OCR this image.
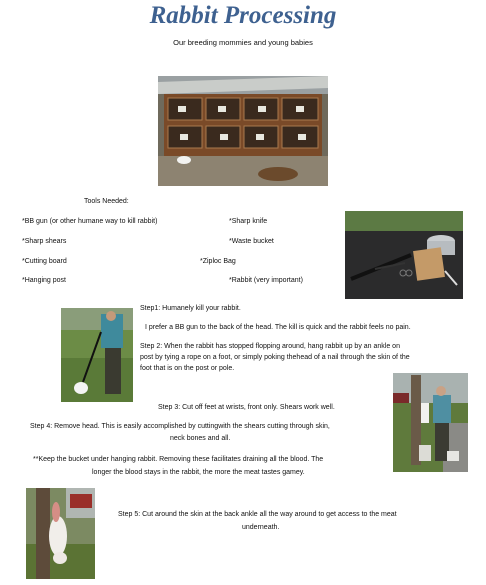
Rabbit Processing
Our breeding mommies and young babies
Tools Needed:
*BB gun (or other humane way to kill rabbit)	*Sharp knife
*Sharp shears	*Waste bucket
*Cutting board	*Ziploc Bag
*Hanging post	*Rabbit (very important)
Step1: Humanely kill your rabbit.
I prefer a BB gun to the back of the head. The kill is quick and the rabbit feels no pain.
Step 2: When the rabbit has stopped flopping around, hang rabbit up by an ankle on
post by tying a rope on a foot, or simply poking thehead of a nail through the skin of the
foot that is on the post or pole.
Step 3: Cut off feet at wrists, front only. Shears work well.
Step 4: Remove head. This is easily accomplished by cuttingwith the shears cutting through skin,
neck bones and all.
**Keep the bucket under hanging rabbit. Removing these facilitates draining all the blood. The
longer the blood stays in the rabbit, the more the meat tastes gamey.
Step 5: Cut around the skin at the back ankle all the way around to get access to the meat
underneath.
